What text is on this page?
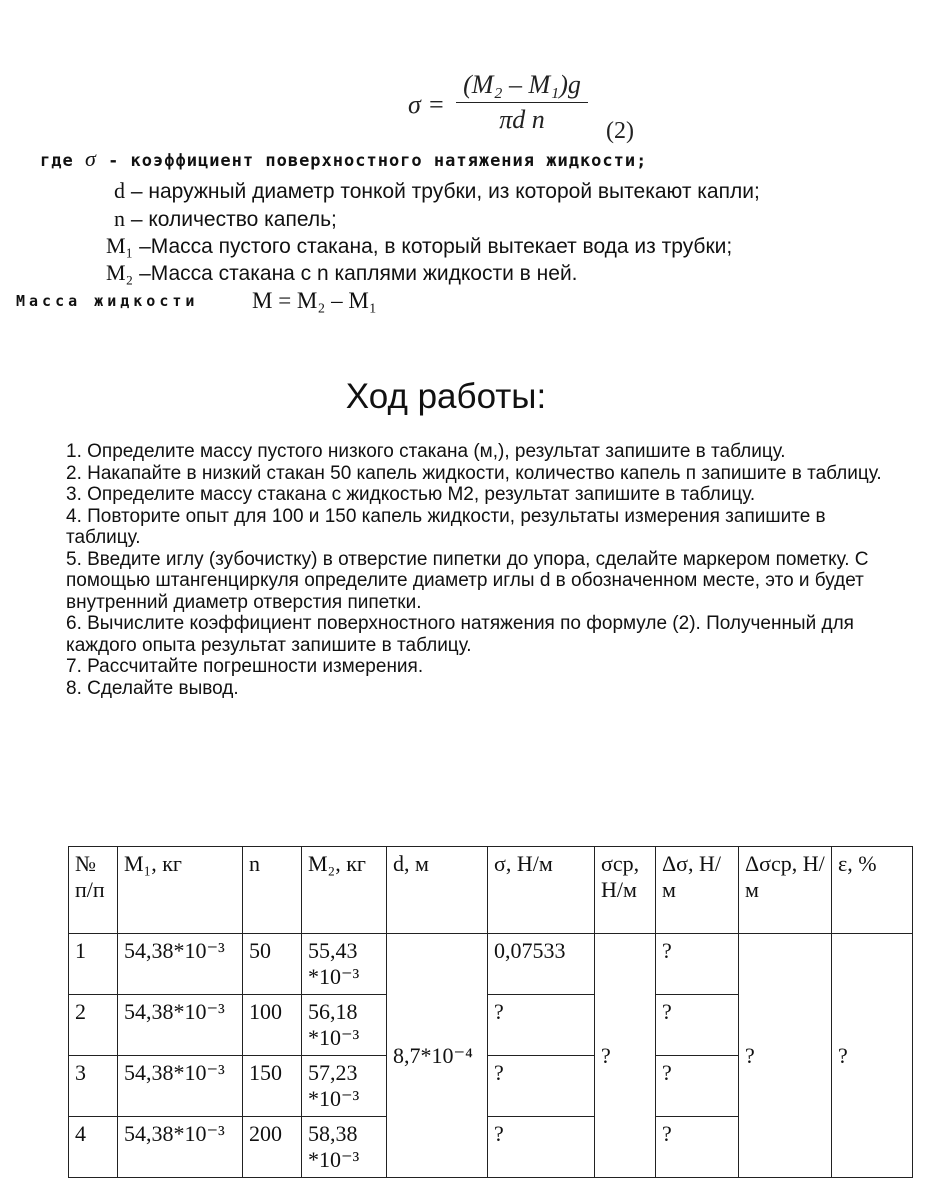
$\sigma = \frac{\text{(M₂ – M₁)g}}{\text{πd n}} (2)$
где σ - коэффициент поверхностного натяжения жидкости;
d – наружный диаметр тонкой трубки, из которой вытекают капли;
n – количество капель;
M₁ –Масса пустого стакана, в который вытекает вода из трубки;
M₂ –Масса стакана с n каплями жидкости в ней.
Масса жидкости M = M₂ – M₁
Ход работы:
1. Определите массу пустого низкого стакана (м,), результат запишите в таблицу.
2. Накапайте в низкий стакан 50 капель жидкости, количество капель п запишите в таблицу.
3. Определите массу стакана с жидкостью М2, результат запишите в таблицу.
4. Повторите опыт для 100 и 150 капель жидкости, результаты измерения запишите в таблицу.
5. Введите иглу (зубочистку) в отверстие пипетки до упора, сделайте маркером пометку. С помощью штангенциркуля определите диаметр иглы d в обозначенном месте, это и будет внутренний диаметр отверстия пипетки.
6. Вычислите коэффициент поверхностного натяжения по формуле (2). Полученный для каждого опыта результат запишите в таблицу.
7. Рассчитайте погрешности измерения.
8. Сделайте вывод.
№ п/п	M₁, кг	n	M₂, кг	d, м	σ, Н/м	σср, Н/м	Δσ, Н/м	Δσср, Н/м	ε, %
1	54,38*10⁻³	50	55,43 *10⁻³	8,7*10⁻⁴	0,07533	?	?	?	?
2	54,38*10⁻³	100	56,18 *10⁻³		?		?		
3	54,38*10⁻³	150	57,23 *10⁻³		?		?		
4	54,38*10⁻³	200	58,38 *10⁻³		?		?		
